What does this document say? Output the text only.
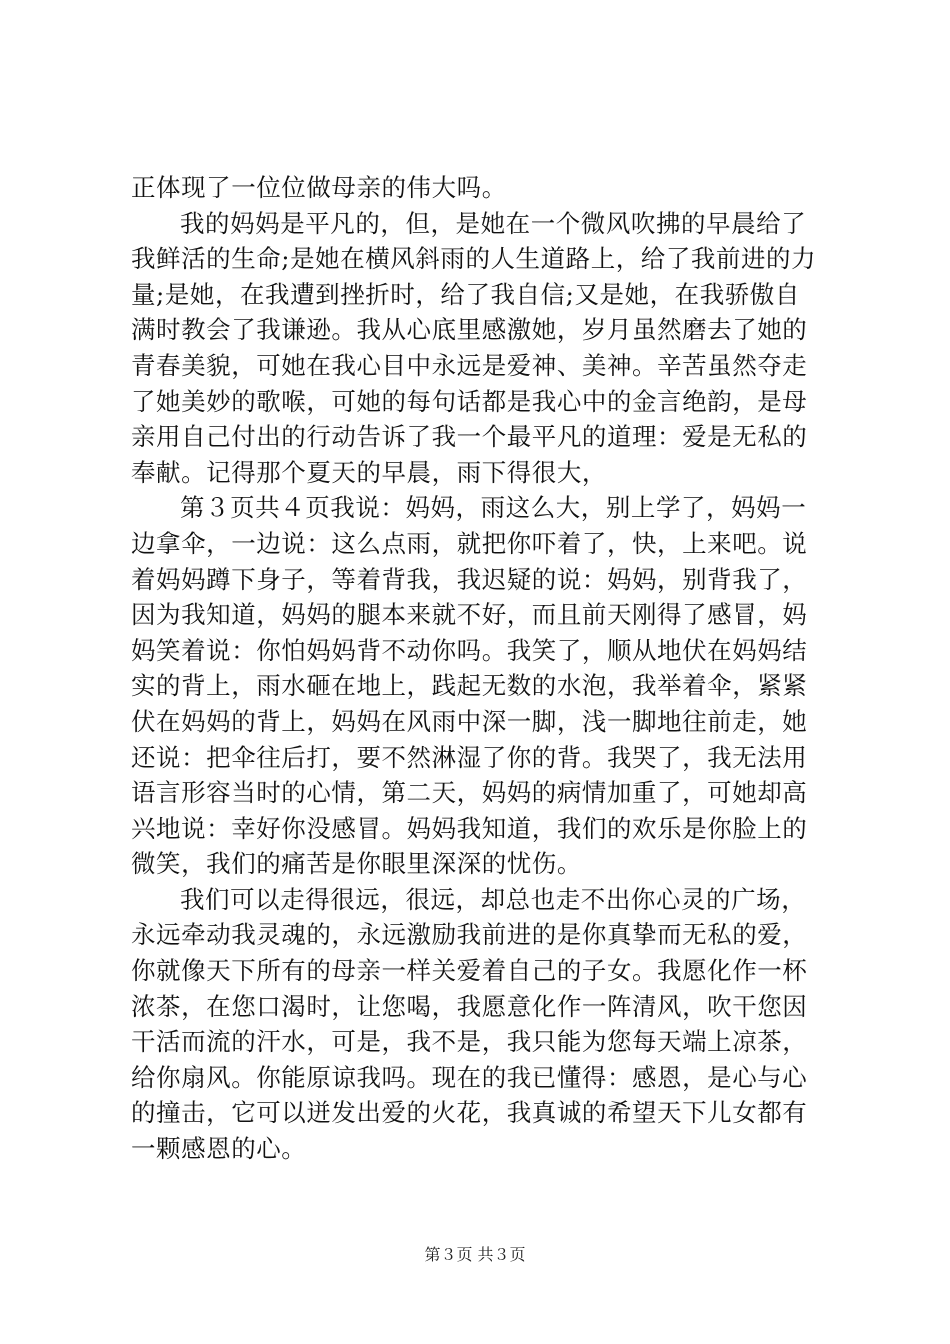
正体现了一位位做母亲的伟大吗。
我的妈妈是平凡的，但，是她在一个微风吹拂的早晨给了
我鲜活的生命;是她在横风斜雨的人生道路上，给了我前进的力
量;是她，在我遭到挫折时，给了我自信;又是她，在我骄傲自
满时教会了我谦逊。我从心底里感激她，岁月虽然磨去了她的
青春美貌，可她在我心目中永远是爱神、美神。辛苦虽然夺走
了她美妙的歌喉，可她的每句话都是我心中的金言绝韵，是母
亲用自己付出的行动告诉了我一个最平凡的道理：爱是无私的
奉献。记得那个夏天的早晨，雨下得很大，
第３页共４页我说：妈妈，雨这么大，别上学了，妈妈一
边拿伞，一边说：这么点雨，就把你吓着了，快，上来吧。说
着妈妈蹲下身子，等着背我，我迟疑的说：妈妈，别背我了，
因为我知道，妈妈的腿本来就不好，而且前天刚得了感冒，妈
妈笑着说：你怕妈妈背不动你吗。我笑了，顺从地伏在妈妈结
实的背上，雨水砸在地上，践起无数的水泡，我举着伞，紧紧
伏在妈妈的背上，妈妈在风雨中深一脚，浅一脚地往前走，她
还说：把伞往后打，要不然淋湿了你的背。我哭了，我无法用
语言形容当时的心情，第二天，妈妈的病情加重了，可她却高
兴地说：幸好你没感冒。妈妈我知道，我们的欢乐是你脸上的
微笑，我们的痛苦是你眼里深深的忧伤。
我们可以走得很远，很远，却总也走不出你心灵的广场，
永远牵动我灵魂的，永远激励我前进的是你真挚而无私的爱，
你就像天下所有的母亲一样关爱着自己的子女。我愿化作一杯
浓茶，在您口渴时，让您喝，我愿意化作一阵清风，吹干您因
干活而流的汗水，可是，我不是，我只能为您每天端上凉茶，
给你扇风。你能原谅我吗。现在的我已懂得：感恩，是心与心
的撞击，它可以迸发出爱的火花，我真诚的希望天下儿女都有
一颗感恩的心。
第３页 共３页
